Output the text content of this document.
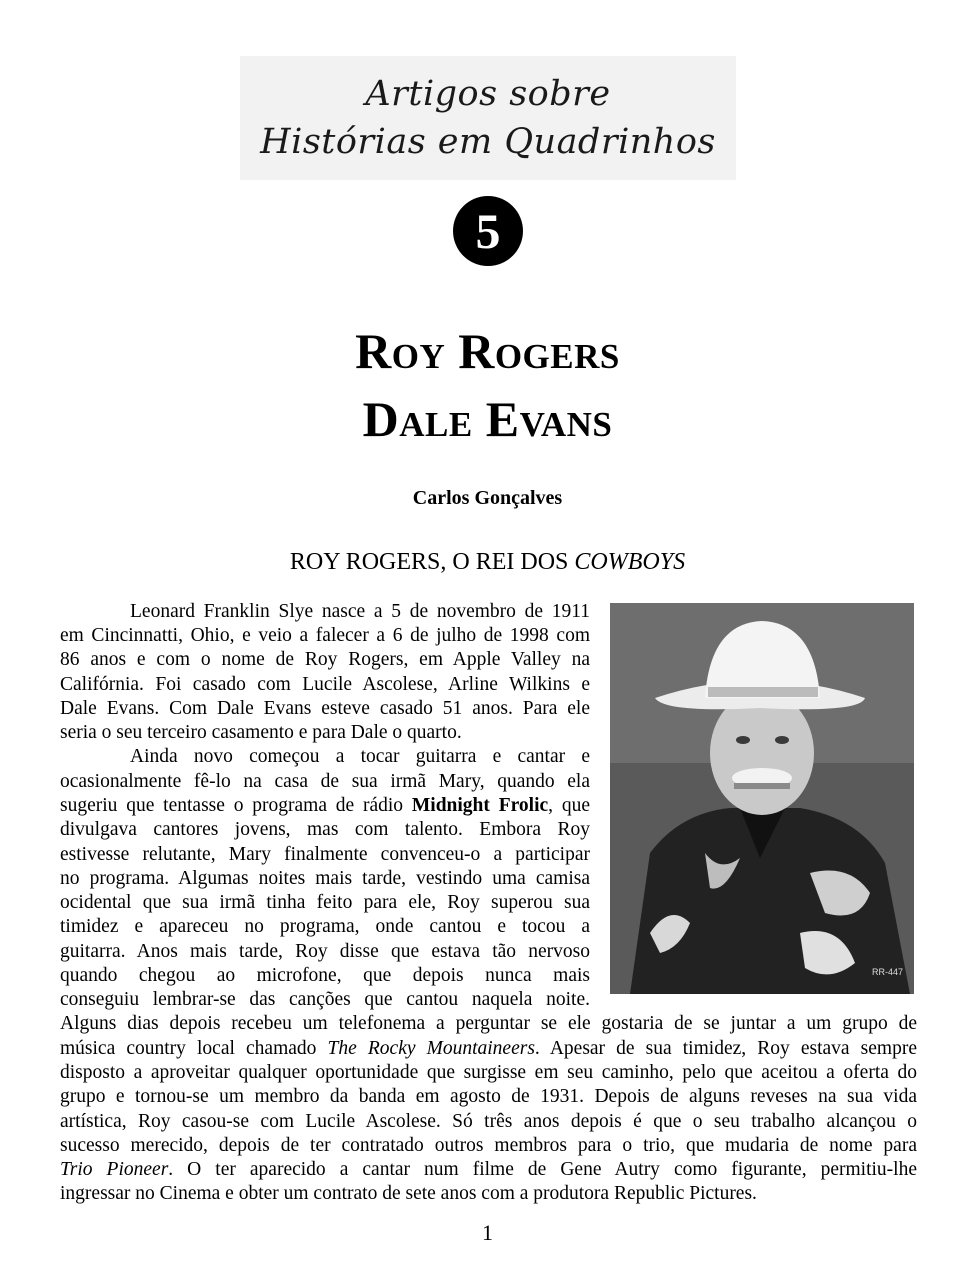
Artigos sobre
Histórias em Quadrinhos
5
Roy Rogers
Dale Evans
Carlos Gonçalves
ROY ROGERS, O REI DOS COWBOYS
RR-447
Leonard Franklin Slye nasce a 5 de novembro de 1911
em Cincinnatti, Ohio, e veio a falecer a 6 de julho de 1998 com
86 anos e com o nome de Roy Rogers, em Apple Valley na
Califórnia. Foi casado com Lucile Ascolese, Arline Wilkins e
Dale Evans. Com Dale Evans esteve casado 51 anos. Para ele
seria o seu terceiro casamento e para Dale o quarto.
Ainda novo começou a tocar guitarra e cantar e
ocasionalmente fê-lo na casa de sua irmã Mary, quando ela
sugeriu que tentasse o programa de rádio Midnight Frolic, que
divulgava cantores jovens, mas com talento. Embora Roy
estivesse relutante, Mary finalmente convenceu-o a participar
no programa. Algumas noites mais tarde, vestindo uma camisa
ocidental que sua irmã tinha feito para ele, Roy superou sua
timidez e apareceu no programa, onde cantou e tocou a
guitarra. Anos mais tarde, Roy disse que estava tão nervoso
quando chegou ao microfone, que depois nunca mais
conseguiu lembrar-se das canções que cantou naquela noite.
Alguns dias depois recebeu um telefonema a perguntar se ele gostaria de se juntar a um grupo de
música country local chamado The Rocky Mountaineers. Apesar de sua timidez, Roy estava sempre
disposto a aproveitar qualquer oportunidade que surgisse em seu caminho, pelo que aceitou a oferta do
grupo e tornou-se um membro da banda em agosto de 1931. Depois de alguns reveses na sua vida
artística, Roy casou-se com Lucile Ascolese. Só três anos depois é que o seu trabalho alcançou o
sucesso merecido, depois de ter contratado outros membros para o trio, que mudaria de nome para
Trio Pioneer. O ter aparecido a cantar num filme de Gene Autry como figurante, permitiu-lhe
ingressar no Cinema e obter um contrato de sete anos com a produtora Republic Pictures.
1
